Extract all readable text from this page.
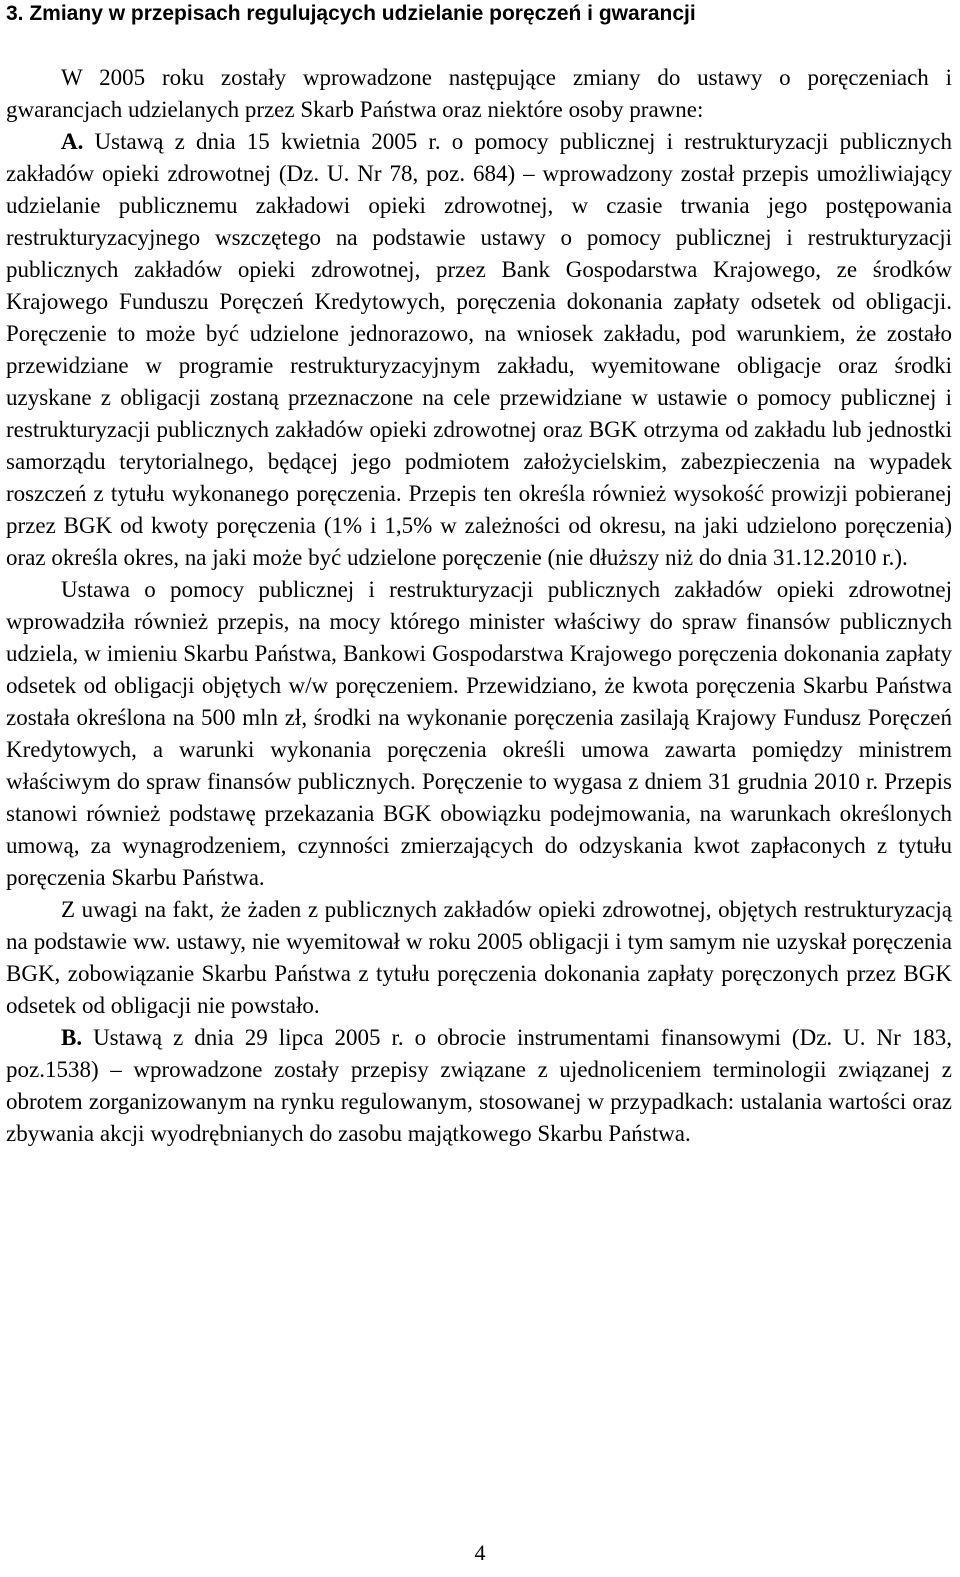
3. Zmiany w przepisach regulujących udzielanie poręczeń i gwarancji

W 2005 roku zostały wprowadzone następujące zmiany do ustawy o poręczeniach i gwarancjach udzielanych przez Skarb Państwa oraz niektóre osoby prawne:

A. Ustawą z dnia 15 kwietnia 2005 r. o pomocy publicznej i restrukturyzacji publicznych zakładów opieki zdrowotnej (Dz. U. Nr 78, poz. 684) – wprowadzony został przepis umożliwiający udzielanie publicznemu zakładowi opieki zdrowotnej, w czasie trwania jego postępowania restrukturyzacyjnego wszczętego na podstawie ustawy o pomocy publicznej i restrukturyzacji publicznych zakładów opieki zdrowotnej, przez Bank Gospodarstwa Krajowego, ze środków Krajowego Funduszu Poręczeń Kredytowych, poręczenia dokonania zapłaty odsetek od obligacji. Poręczenie to może być udzielone jednorazowo, na wniosek zakładu, pod warunkiem, że zostało przewidziane w programie restrukturyzacyjnym zakładu, wyemitowane obligacje oraz środki uzyskane z obligacji zostaną przeznaczone na cele przewidziane w ustawie o pomocy publicznej i restrukturyzacji publicznych zakładów opieki zdrowotnej oraz BGK otrzyma od zakładu lub jednostki samorządu terytorialnego, będącej jego podmiotem założycielskim, zabezpieczenia na wypadek roszczeń z tytułu wykonanego poręczenia. Przepis ten określa również wysokość prowizji pobieranej przez BGK od kwoty poręczenia (1% i 1,5% w zależności od okresu, na jaki udzielono poręczenia) oraz określa okres, na jaki może być udzielone poręczenie (nie dłuższy niż do dnia 31.12.2010 r.).

Ustawa o pomocy publicznej i restrukturyzacji publicznych zakładów opieki zdrowotnej wprowadziła również przepis, na mocy którego minister właściwy do spraw finansów publicznych udziela, w imieniu Skarbu Państwa, Bankowi Gospodarstwa Krajowego poręczenia dokonania zapłaty odsetek od obligacji objętych w/w poręczeniem. Przewidziano, że kwota poręczenia Skarbu Państwa została określona na 500 mln zł, środki na wykonanie poręczenia zasilają Krajowy Fundusz Poręczeń Kredytowych, a warunki wykonania poręczenia określi umowa zawarta pomiędzy ministrem właściwym do spraw finansów publicznych. Poręczenie to wygasa z dniem 31 grudnia 2010 r. Przepis stanowi również podstawę przekazania BGK obowiązku podejmowania, na warunkach określonych umową, za wynagrodzeniem, czynności zmierzających do odzyskania kwot zapłaconych z tytułu poręczenia Skarbu Państwa.

Z uwagi na fakt, że żaden z publicznych zakładów opieki zdrowotnej, objętych restrukturyzacją na podstawie ww. ustawy, nie wyemitował w roku 2005 obligacji i tym samym nie uzyskał poręczenia BGK, zobowiązanie Skarbu Państwa z tytułu poręczenia dokonania zapłaty poręczonych przez BGK odsetek od obligacji nie powstało.

B. Ustawą z dnia 29 lipca 2005 r. o obrocie instrumentami finansowymi (Dz. U. Nr 183, poz.1538) – wprowadzone zostały przepisy związane z ujednoliceniem terminologii związanej z obrotem zorganizowanym na rynku regulowanym, stosowanej w przypadkach: ustalania wartości oraz zbywania akcji wyodrębnianych do zasobu majątkowego Skarbu Państwa.

4
